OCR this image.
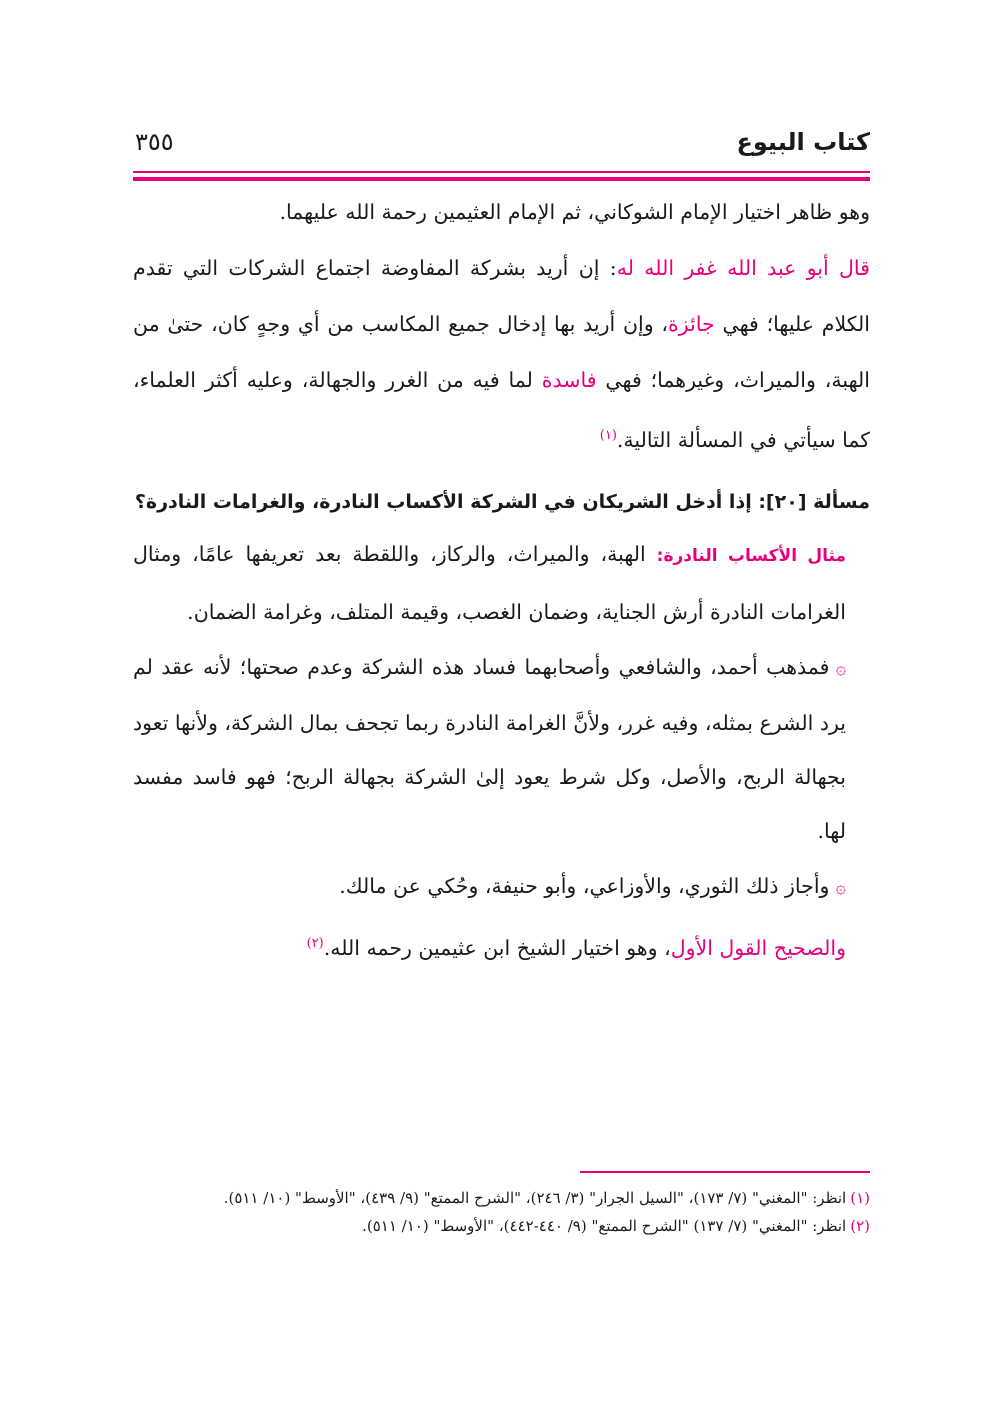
كتاب البيوع
٣٥٥

وهو ظاهر اختيار الإمام الشوكاني، ثم الإمام العثيمين رحمة الله عليهما.

قال أبو عبد الله غفر الله له: إن أريد بشركة المفاوضة اجتماع الشركات التي تقدم الكلام عليها؛ فهي جائزة، وإن أريد بها إدخال جميع المكاسب من أي وجهٍ كان، حتىٰ من الهبة، والميراث، وغيرهما؛ فهي فاسدة لما فيه من الغرر والجهالة، وعليه أكثر العلماء، كما سيأتي في المسألة التالية.$^{(١)}$

مسألة [٢٠]: إذا أدخل الشريكان في الشركة الأكساب النادرة، والغرامات النادرة؟

مثال الأكساب النادرة: الهبة، والميراث، والركاز، واللقطة بعد تعريفها عامًا، ومثال الغرامات النادرة أرش الجناية، وضمان الغصب، وقيمة المتلف، وغرامة الضمان.

۞فمذهب أحمد، والشافعي وأصحابهما فساد هذه الشركة وعدم صحتها؛ لأنه عقد لم يرد الشرع بمثله، وفيه غرر، ولأنَّ الغرامة النادرة ربما تجحف بمال الشركة، ولأنها تعود بجهالة الربح، والأصل، وكل شرط يعود إلىٰ الشركة بجهالة الربح؛ فهو فاسد مفسد لها.

۞وأجاز ذلك الثوري، والأوزاعي، وأبو حنيفة، وحُكي عن مالك.

والصحيح القول الأول، وهو اختيار الشيخ ابن عثيمين رحمه الله.$^{(٢)}$

(١)انظر: "المغني" (٧/ ١٧٣)، "السيل الجرار" (٣/ ٢٤٦)، "الشرح الممتع" (٩/ ٤٣٩)، "الأوسط" (١٠/ ٥١١).

(٢)انظر: "المغني" (٧/ ١٣٧) "الشرح الممتع" (٩/ ٤٤٠-٤٤٢)، "الأوسط" (١٠/ ٥١١).
